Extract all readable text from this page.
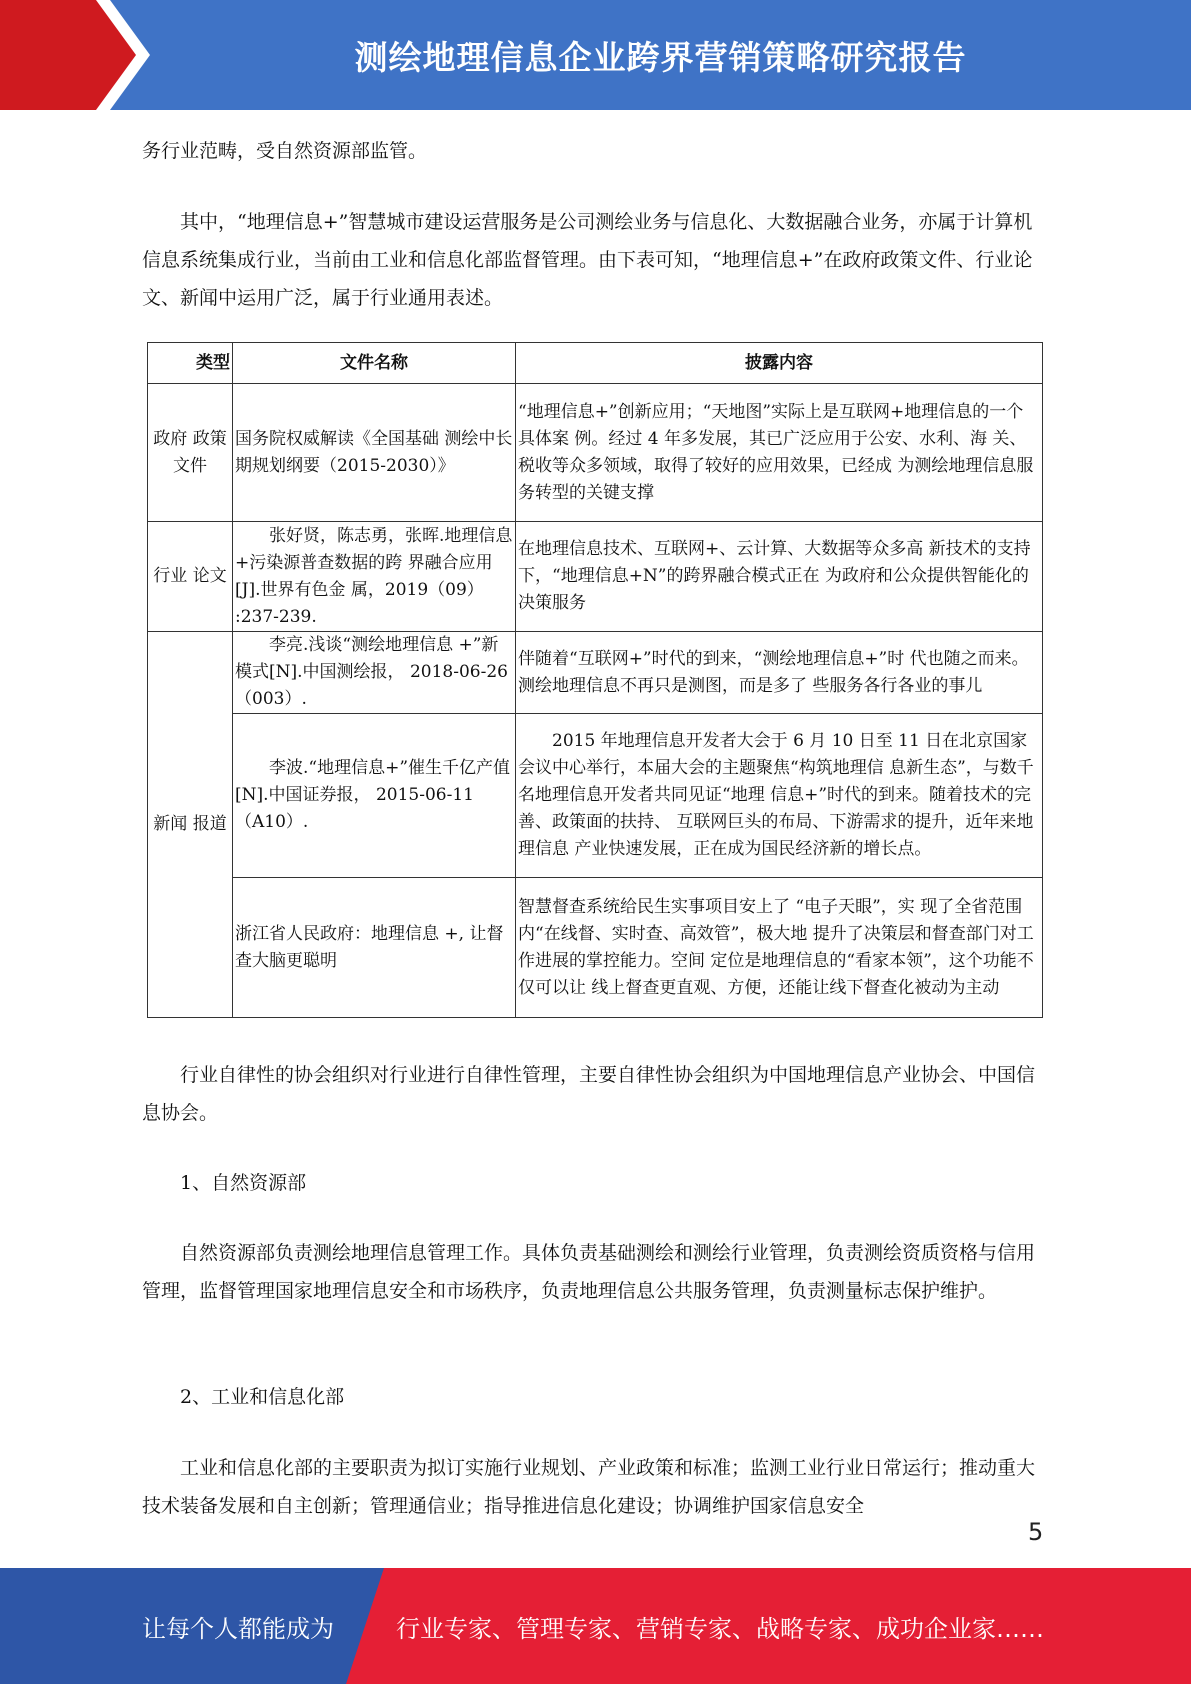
测绘地理信息企业跨界营销策略研究报告

务行业范畴，受自然资源部监管。

其中，“地理信息+”智慧城市建设运营服务是公司测绘业务与信息化、大数据融合业务，亦属于计算机信息系统集成行业，当前由工业和信息化部监督管理。由下表可知，“地理信息+”在政府政策文件、行业论文、新闻中运用广泛，属于行业通用表述。

类型	文件名称	披露内容
政府 政策 文件	国务院权威解读《全国基础 测绘中长期规划纲要（2015-2030）》	“地理信息+”创新应用；“天地图”实际上是互联网+地理信息的一个具体案 例。经过 4 年多发展，其已广泛应用于公安、水利、海 关、税收等众多领域，取得了较好的应用效果，已经成 为测绘地理信息服务转型的关键支撑
行业 论文	张好贤，陈志勇，张晖.地理信息+污染源普查数据的跨 界融合应用[J].世界有色金 属，2019（09） :237-239.	在地理信息技术、互联网+、云计算、大数据等众多高 新技术的支持下，“地理信息+N”的跨界融合模式正在 为政府和公众提供智能化的决策服务
新闻 报道	李亮.浅谈“测绘地理信息 +”新模式[N].中国测绘报， 2018-06-26 （003）.	伴随着“互联网+”时代的到来，“测绘地理信息+”时 代也随之而来。测绘地理信息不再只是测图，而是多了 些服务各行各业的事儿
	李波.“地理信息+”催生千亿产值[N].中国证券报， 2015-06-11（A10）.	2015 年地理信息开发者大会于 6 月 10 日至 11 日在北京国家会议中心举行，本届大会的主题聚焦“构筑地理信 息新生态”，与数千名地理信息开发者共同见证“地理 信息+”时代的到来。随着技术的完善、政策面的扶持、 互联网巨头的布局、下游需求的提升，近年来地理信息 产业快速发展，正在成为国民经济新的增长点。
	浙江省人民政府：地理信息 +, 让督查大脑更聪明	智慧督查系统给民生实事项目安上了 “电子天眼”，实 现了全省范围内“在线督、实时查、高效管”，极大地 提升了决策层和督查部门对工作进展的掌控能力。空间 定位是地理信息的“看家本领”，这个功能不仅可以让 线上督查更直观、方便，还能让线下督查化被动为主动

行业自律性的协会组织对行业进行自律性管理，主要自律性协会组织为中国地理信息产业协会、中国信息协会。

1、自然资源部

自然资源部负责测绘地理信息管理工作。具体负责基础测绘和测绘行业管理，负责测绘资质资格与信用管理，监督管理国家地理信息安全和市场秩序，负责地理信息公共服务管理，负责测量标志保护维护。

2、工业和信息化部

工业和信息化部的主要职责为拟订实施行业规划、产业政策和标准；监测工业行业日常运行；推动重大技术装备发展和自主创新；管理通信业；指导推进信息化建设；协调维护国家信息安全

5
让每个人都能成为	行业专家、管理专家、营销专家、战略专家、成功企业家……
